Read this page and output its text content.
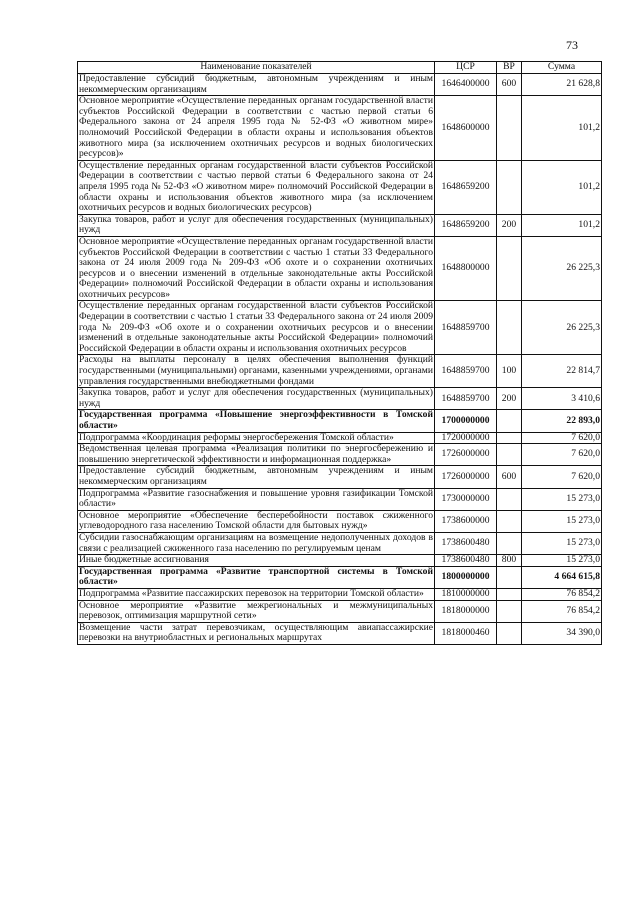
73
Наименование показателей	ЦСР	ВР	Сумма
Предоставление субсидий бюджетным, автономным учреждениям и иным некоммерческим организациям	1646400000	600	21 628,8
Основное мероприятие «Осуществление переданных органам государственной власти субъектов Российской Федерации в соответствии с частью первой статьи 6 Федерального закона от 24 апреля 1995 года № 52-ФЗ «О животном мире» полномочий Российской Федерации в области охраны и использования объектов животного мира (за исключением охотничьих ресурсов и водных биологических ресурсов)»	1648600000		101,2
Осуществление переданных органам государственной власти субъектов Российской Федерации в соответствии с частью первой статьи 6 Федерального закона от 24 апреля 1995 года № 52-ФЗ «О животном мире» полномочий Российской Федерации в области охраны и использования объектов животного мира (за исключением охотничьих ресурсов и водных биологических ресурсов)	1648659200		101,2
Закупка товаров, работ и услуг для обеспечения государственных (муниципальных) нужд	1648659200	200	101,2
Основное мероприятие «Осуществление переданных органам государственной власти субъектов Российской Федерации в соответствии с частью 1 статьи 33 Федерального закона от 24 июля 2009 года № 209-ФЗ «Об охоте и о сохранении охотничьих ресурсов и о внесении изменений в отдельные законодательные акты Российской Федерации» полномочий Российской Федерации в области охраны и использования охотничьих ресурсов»	1648800000		26 225,3
Осуществление переданных органам государственной власти субъектов Российской Федерации в соответствии с частью 1 статьи 33 Федерального закона от 24 июля 2009 года № 209-ФЗ «Об охоте и о сохранении охотничьих ресурсов и о внесении изменений в отдельные законодательные акты Российской Федерации» полномочий Российской Федерации в области охраны и использования охотничьих ресурсов	1648859700		26 225,3
Расходы на выплаты персоналу в целях обеспечения выполнения функций государственными (муниципальными) органами, казенными учреждениями, органами управления государственными внебюджетными фондами	1648859700	100	22 814,7
Закупка товаров, работ и услуг для обеспечения государственных (муниципальных) нужд	1648859700	200	3 410,6
Государственная программа «Повышение энергоэффективности в Томской области»	1700000000		22 893,0
Подпрограмма «Координация реформы энергосбережения Томской области»	1720000000		7 620,0
Ведомственная целевая программа «Реализация политики по энергосбережению и повышению энергетической эффективности и информационная поддержка»	1726000000		7 620,0
Предоставление субсидий бюджетным, автономным учреждениям и иным некоммерческим организациям	1726000000	600	7 620,0
Подпрограмма «Развитие газоснабжения и повышение уровня газификации Томской области»	1730000000		15 273,0
Основное мероприятие «Обеспечение бесперебойности поставок сжиженного углеводородного газа населению Томской области для бытовых нужд»	1738600000		15 273,0
Субсидии газоснабжающим организациям на возмещение недополученных доходов в связи с реализацией сжиженного газа населению по регулируемым ценам	1738600480		15 273,0
Иные бюджетные ассигнования	1738600480	800	15 273,0
Государственная программа «Развитие транспортной системы в Томской области»	1800000000		4 664 615,8
Подпрограмма «Развитие пассажирских перевозок на территории Томской области»	1810000000		76 854,2
Основное мероприятие «Развитие межрегиональных и межмуниципальных перевозок, оптимизация маршрутной сети»	1818000000		76 854,2
Возмещение части затрат перевозчикам, осуществляющим авиапассажирские перевозки на внутриобластных и региональных маршрутах	1818000460		34 390,0
